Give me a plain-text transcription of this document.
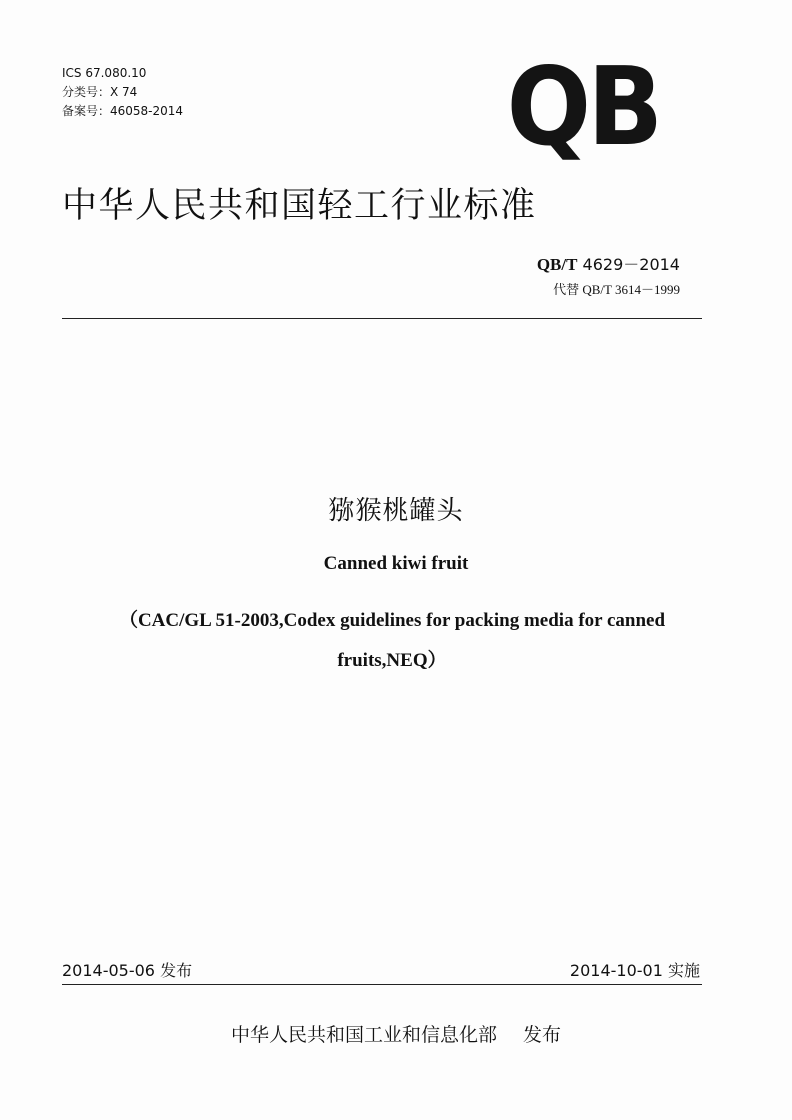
ICS 67.080.10
分类号：X 74
备案号：46058-2014	QB
中华人民共和国轻工行业标准
QB/T 4629－2014
代替 QB/T 3614－1999
猕猴桃罐头
Canned kiwi fruit
（CAC/GL 51-2003,Codex guidelines for packing media for canned fruits,NEQ）
2014-05-06 发布	2014-10-01 实施
中华人民共和国工业和信息化部 发布
